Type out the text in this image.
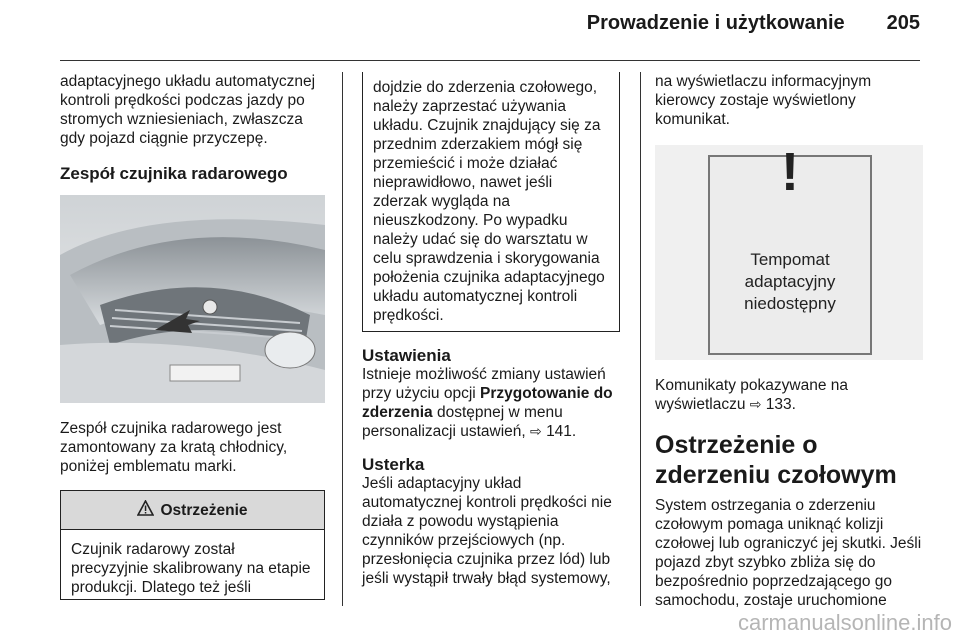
Prowadzenie i użytkowanie 205

adaptacyjnego układu automatycznej kontroli prędkości podczas jazdy po stromych wzniesieniach, zwłaszcza gdy pojazd ciągnie przyczepę.

Zespół czujnika radarowego

Zespół czujnika radarowego jest zamontowany za kratą chłodnicy, poniżej emblematu marki.

Ostrzeżenie
Czujnik radarowy został precyzyjnie skalibrowany na etapie produkcji. Dlatego też jeśli
dojdzie do zderzenia czołowego, należy zaprzestać używania układu. Czujnik znajdujący się za przednim zderzakiem mógł się przemieścić i może działać nieprawidłowo, nawet jeśli zderzak wygląda na nieuszkodzony. Po wypadku należy udać się do warsztatu w celu sprawdzenia i skorygowania położenia czujnika adaptacyjnego układu automatycznej kontroli prędkości.
Ustawienia

Istnieje możliwość zmiany ustawień przy użyciu opcji Przygotowanie do zderzenia dostępnej w menu personalizacji ustawień, ⇨ 141.

Usterka

Jeśli adaptacyjny układ automatycznej kontroli prędkości nie działa z powodu wystąpienia czynników przejściowych (np. przesłonięcia czujnika przez lód) lub jeśli wystąpił trwały błąd systemowy,

na wyświetlaczu informacyjnym kierowcy zostaje wyświetlony komunikat.

!
Tempomat
adaptacyjny
niedostępny

Komunikaty pokazywane na wyświetlaczu ⇨ 133.

Ostrzeżenie o zderzeniu czołowym

System ostrzegania o zderzeniu czołowym pomaga uniknąć kolizji czołowej lub ograniczyć jej skutki. Jeśli pojazd zbyt szybko zbliża się do bezpośrednio poprzedzającego go samochodu, zostaje uruchomione

carmanualsonline.info
